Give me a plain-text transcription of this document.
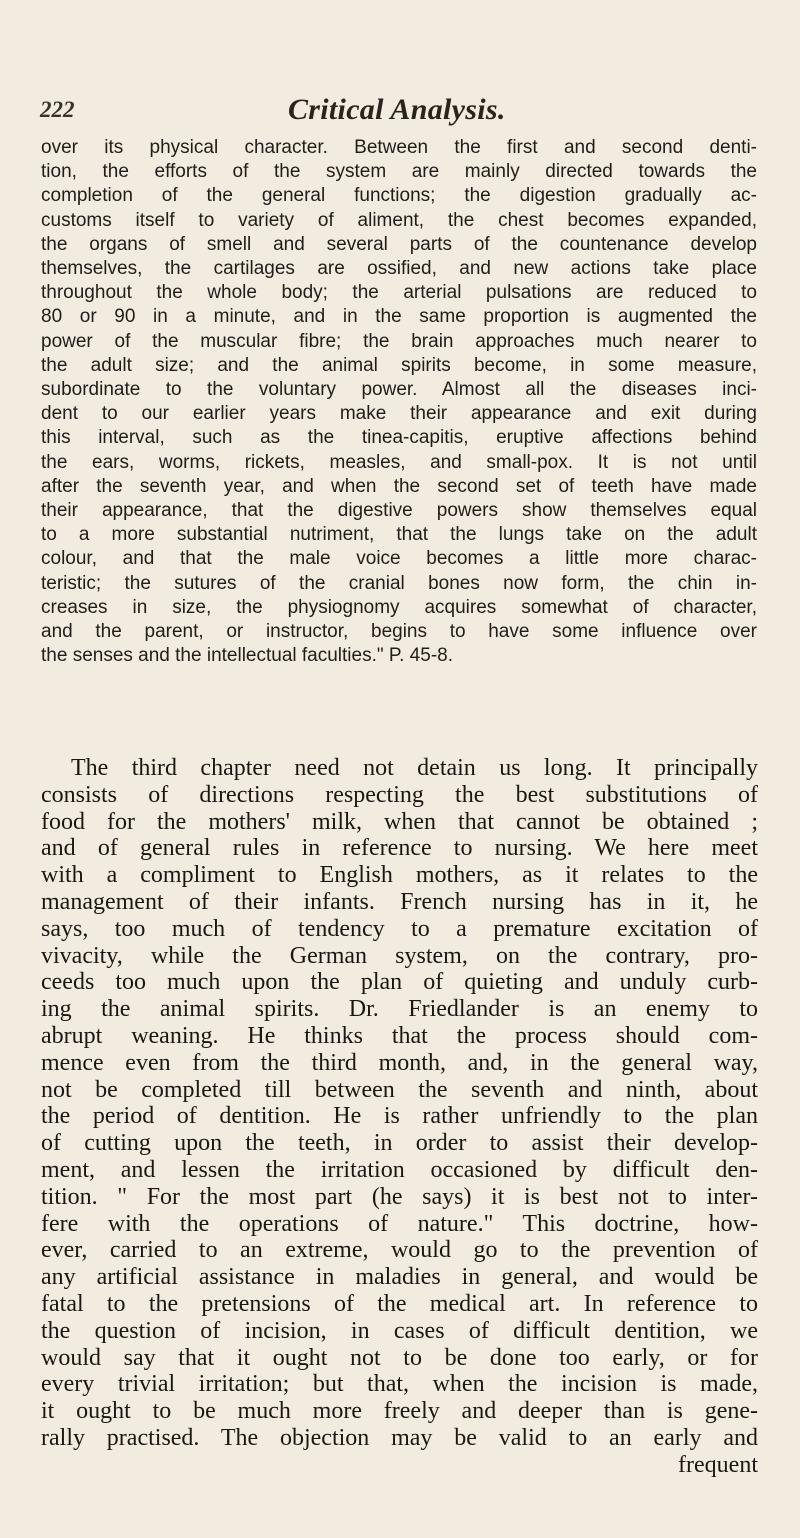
222	Critical Analysis.
over its physical character. Between the first and second denti-
tion, the efforts of the system are mainly directed towards the
completion of the general functions; the digestion gradually ac-
customs itself to variety of aliment, the chest becomes expanded,
the organs of smell and several parts of the countenance develop
themselves, the cartilages are ossified, and new actions take place
throughout the whole body; the arterial pulsations are reduced to
80 or 90 in a minute, and in the same proportion is augmented the
power of the muscular fibre; the brain approaches much nearer to
the adult size; and the animal spirits become, in some measure,
subordinate to the voluntary power. Almost all the diseases inci-
dent to our earlier years make their appearance and exit during
this interval, such as the tinea-capitis, eruptive affections behind
the ears, worms, rickets, measles, and small-pox. It is not until
after the seventh year, and when the second set of teeth have made
their appearance, that the digestive powers show themselves equal
to a more substantial nutriment, that the lungs take on the adult
colour, and that the male voice becomes a little more charac-
teristic; the sutures of the cranial bones now form, the chin in-
creases in size, the physiognomy acquires somewhat of character,
and the parent, or instructor, begins to have some influence over
the senses and the intellectual faculties." P. 45-8.
The third chapter need not detain us long. It principally
consists of directions respecting the best substitutions of
food for the mothers' milk, when that cannot be obtained ;
and of general rules in reference to nursing. We here meet
with a compliment to English mothers, as it relates to the
management of their infants. French nursing has in it, he
says, too much of tendency to a premature excitation of
vivacity, while the German system, on the contrary, pro-
ceeds too much upon the plan of quieting and unduly curb-
ing the animal spirits. Dr. Friedlander is an enemy to
abrupt weaning. He thinks that the process should com-
mence even from the third month, and, in the general way,
not be completed till between the seventh and ninth, about
the period of dentition. He is rather unfriendly to the plan
of cutting upon the teeth, in order to assist their develop-
ment, and lessen the irritation occasioned by difficult den-
tition. " For the most part (he says) it is best not to inter-
fere with the operations of nature." This doctrine, how-
ever, carried to an extreme, would go to the prevention of
any artificial assistance in maladies in general, and would be
fatal to the pretensions of the medical art. In reference to
the question of incision, in cases of difficult dentition, we
would say that it ought not to be done too early, or for
every trivial irritation; but that, when the incision is made,
it ought to be much more freely and deeper than is gene-
rally practised. The objection may be valid to an early and
frequent
